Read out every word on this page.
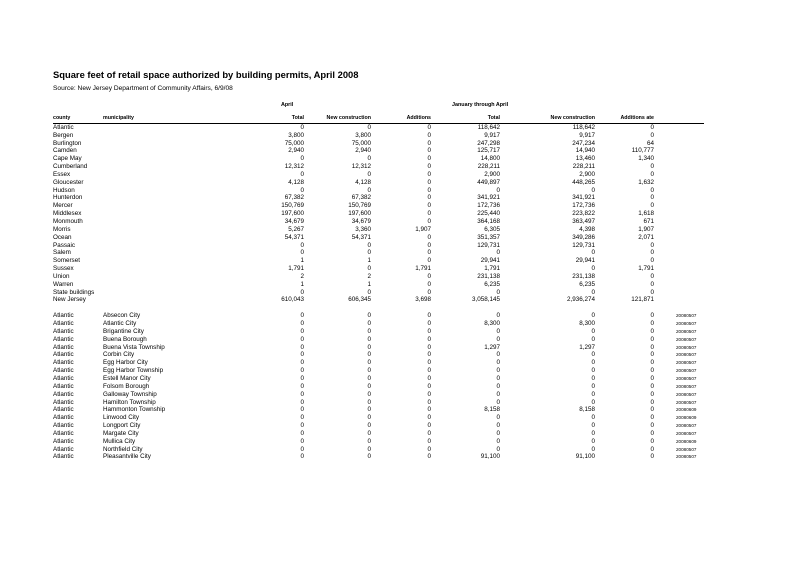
Square feet of retail space authorized by building permits, April 2008
Source: New Jersey Department of Community Affairs, 6/9/08
April	January through April
county	municipality	Total	New construction	Additions	Total	New construction	Additions ate	
Atlantic		0	0	0	118,642	118,642	0	
Bergen		3,800	3,800	0	9,917	9,917	0	
Burlington		75,000	75,000	0	247,298	247,234	64	
Camden		2,940	2,940	0	125,717	14,940	110,777	
Cape May		0	0	0	14,800	13,460	1,340	
Cumberland		12,312	12,312	0	228,211	228,211	0	
Essex		0	0	0	2,900	2,900	0	
Gloucester		4,128	4,128	0	449,897	448,265	1,632	
Hudson		0	0	0	0	0	0	
Hunterdon		67,382	67,382	0	341,921	341,921	0	
Mercer		150,769	150,769	0	172,736	172,736	0	
Middlesex		197,600	197,600	0	225,440	223,822	1,618	
Monmouth		34,679	34,679	0	364,168	363,497	671	
Morris		5,267	3,360	1,907	6,305	4,398	1,907	
Ocean		54,371	54,371	0	351,357	349,286	2,071	
Passaic		0	0	0	129,731	129,731	0	
Salem		0	0	0	0	0	0	
Somerset		1	1	0	29,941	29,941	0	
Sussex		1,791	0	1,791	1,791	0	1,791	
Union		2	2	0	231,138	231,138	0	
Warren		1	1	0	6,235	6,235	0	
State buildings		0	0	0	0	0	0	
New Jersey		610,043	606,345	3,698	3,058,145	2,936,274	121,871	

Atlantic	Absecon City	0	0	0	0	0	0	20080507
Atlantic	Atlantic City	0	0	0	8,300	8,300	0	20080507
Atlantic	Brigantine City	0	0	0	0	0	0	20080507
Atlantic	Buena Borough	0	0	0	0	0	0	20080507
Atlantic	Buena Vista Township	0	0	0	1,297	1,297	0	20080507
Atlantic	Corbin City	0	0	0	0	0	0	20080507
Atlantic	Egg Harbor City	0	0	0	0	0	0	20080507
Atlantic	Egg Harbor Township	0	0	0	0	0	0	20080507
Atlantic	Estell Manor City	0	0	0	0	0	0	20080507
Atlantic	Folsom Borough	0	0	0	0	0	0	20080507
Atlantic	Galloway Township	0	0	0	0	0	0	20080507
Atlantic	Hamilton Township	0	0	0	0	0	0	20080507
Atlantic	Hammonton Township	0	0	0	8,158	8,158	0	20080609
Atlantic	Linwood City	0	0	0	0	0	0	20080609
Atlantic	Longport City	0	0	0	0	0	0	20080507
Atlantic	Margate City	0	0	0	0	0	0	20080507
Atlantic	Mullica City	0	0	0	0	0	0	20080609
Atlantic	Northfield City	0	0	0	0	0	0	20080507
Atlantic	Pleasantville City	0	0	0	91,100	91,100	0	20080507
